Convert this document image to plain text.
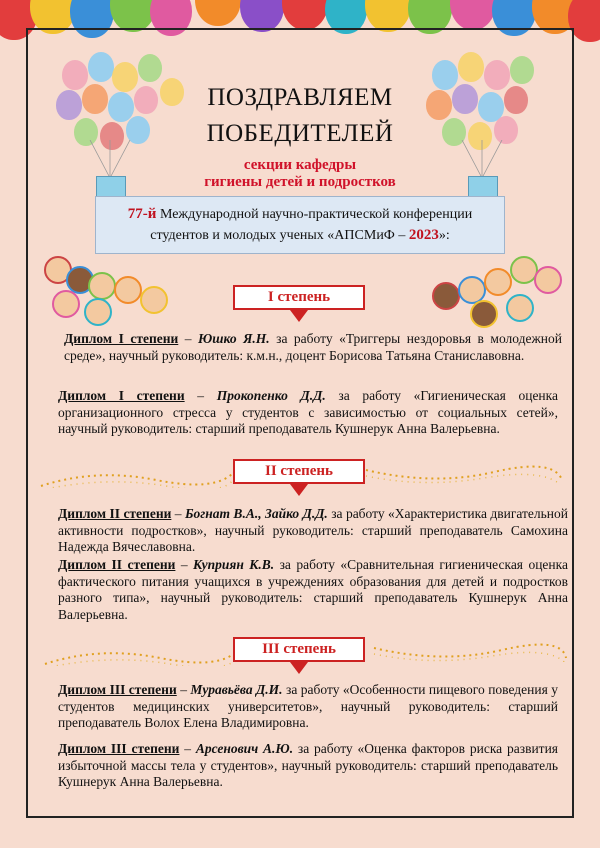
ПОЗДРАВЛЯЕМ
ПОБЕДИТЕЛЕЙ
секции кафедры
гигиены детей и подростков
77-й Международной научно-практической конференции
студентов и молодых ученых «АПСМиФ – 2023»:
I степень
Диплом I степени – Юшко Я.Н. за работу «Триггеры нездоровья в молодежной среде», научный руководитель: к.м.н., доцент Борисова Татьяна Станиславовна.
Диплом I степени – Прокопенко Д.Д. за работу «Гигиеническая оценка организационного стресса у студентов с зависимостью от социальных сетей», научный руководитель: старший преподаватель Кушнерук Анна Валерьевна.
II степень
Диплом II степени – Богнат В.А., Зайко Д.Д. за работу «Характеристика двигательной активности подростков», научный руководитель: старший преподаватель Самохина Надежда Вячеславовна.
Диплом II степени – Куприян К.В. за работу «Сравнительная гигиеническая оценка фактического питания учащихся в учреждениях образования для детей и подростков разного типа», научный руководитель: старший преподаватель Кушнерук Анна Валерьевна.
III степень
Диплом III степени – Муравьёва Д.И. за работу «Особенности пищевого поведения у студентов медицинских университетов», научный руководитель: старший преподаватель Волох Елена Владимировна.
Диплом III степени – Арсенович А.Ю. за работу «Оценка факторов риска развития избыточной массы тела у студентов», научный руководитель: старший преподаватель Кушнерук Анна Валерьевна.
